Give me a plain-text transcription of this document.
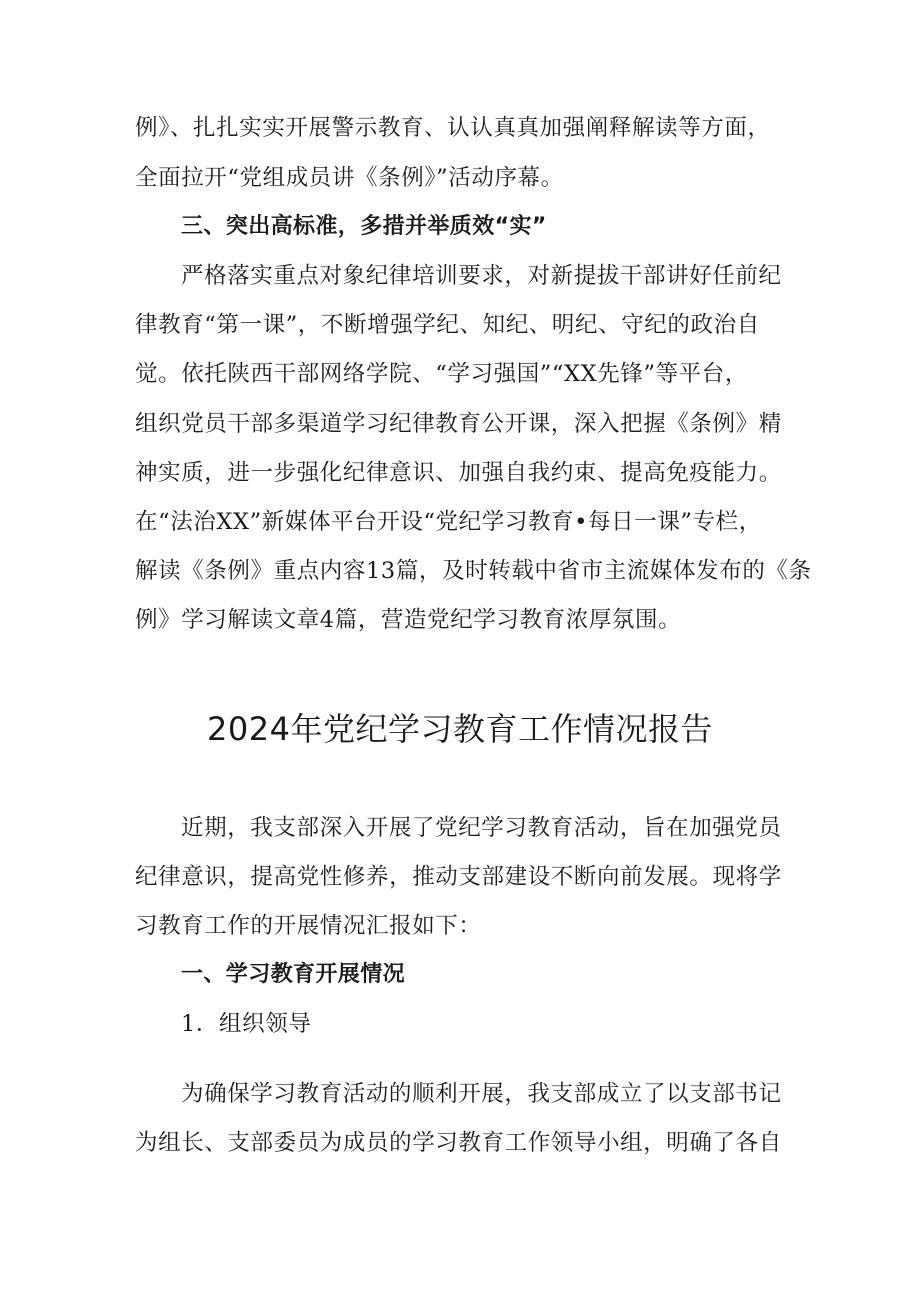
例》、扎扎实实开展警示教育、认认真真加强阐释解读等方面，

全面拉开“党组成员讲《条例》”活动序幕。

三、突出高标准，多措并举质效“实”

严格落实重点对象纪律培训要求，对新提拔干部讲好任前纪

律教育“第一课”，不断增强学纪、知纪、明纪、守纪的政治自

觉。依托陕西干部网络学院、“学习强国”“XX先锋”等平台，

组织党员干部多渠道学习纪律教育公开课，深入把握《条例》精

神实质，进一步强化纪律意识、加强自我约束、提高免疫能力。

在“法治XX”新媒体平台开设“党纪学习教育•每日一课”专栏，

解读《条例》重点内容13篇，及时转载中省市主流媒体发布的《条

例》学习解读文章4篇，营造党纪学习教育浓厚氛围。

2024年党纪学习教育工作情况报告

近期，我支部深入开展了党纪学习教育活动，旨在加强党员

纪律意识，提高党性修养，推动支部建设不断向前发展。现将学

习教育工作的开展情况汇报如下：

一、学习教育开展情况

1．组织领导

为确保学习教育活动的顺利开展，我支部成立了以支部书记

为组长、支部委员为成员的学习教育工作领导小组，明确了各自
